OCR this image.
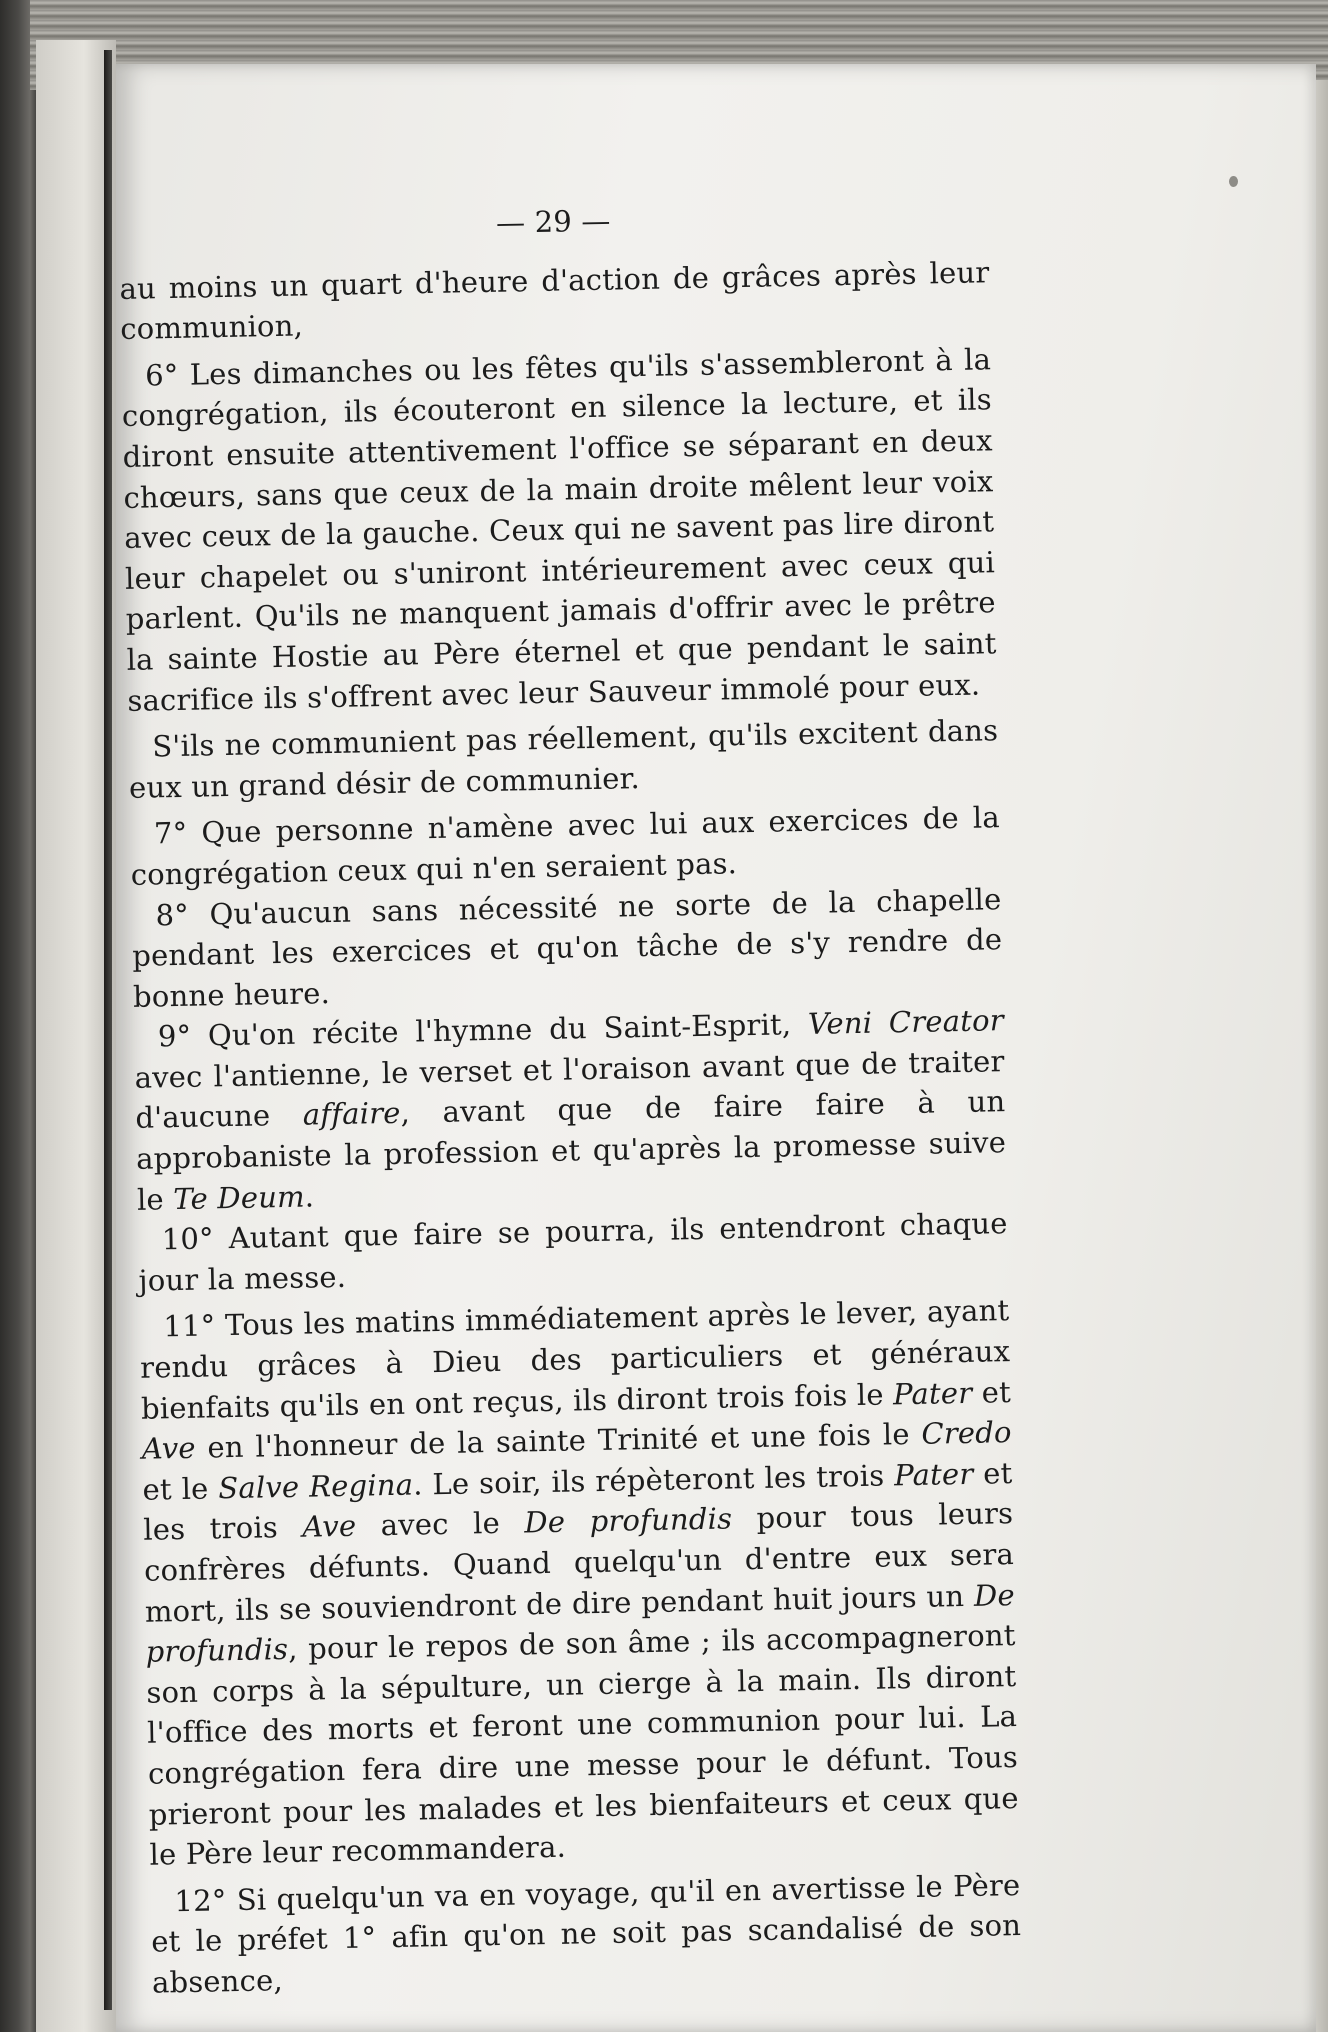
— 29 —

au moins un quart d'heure d'action de grâces après leur communion,

6° Les dimanches ou les fêtes qu'ils s'assembleront à la congrégation, ils écouteront en silence la lecture, et ils diront ensuite attentivement l'office se séparant en deux chœurs, sans que ceux de la main droite mêlent leur voix avec ceux de la gauche. Ceux qui ne savent pas lire diront leur chapelet ou s'uniront intérieurement avec ceux qui parlent. Qu'ils ne manquent jamais d'offrir avec le prêtre la sainte Hostie au Père éternel et que pendant le saint sacrifice ils s'offrent avec leur Sauveur immolé pour eux.

S'ils ne communient pas réellement, qu'ils excitent dans eux un grand désir de communier.

7° Que personne n'amène avec lui aux exercices de la congrégation ceux qui n'en seraient pas.

8° Qu'aucun sans nécessité ne sorte de la chapelle pendant les exercices et qu'on tâche de s'y rendre de bonne heure.

9° Qu'on récite l'hymne du Saint-Esprit, Veni Creator avec l'antienne, le verset et l'oraison avant que de traiter d'aucune affaire, avant que de faire faire à un approbaniste la profession et qu'après la promesse suive le Te Deum.

10° Autant que faire se pourra, ils entendront chaque jour la messe.

11° Tous les matins immédiatement après le lever, ayant rendu grâces à Dieu des particuliers et généraux bienfaits qu'ils en ont reçus, ils diront trois fois le Pater et Ave en l'honneur de la sainte Trinité et une fois le Credo et le Salve Regina. Le soir, ils répèteront les trois Pater et les trois Ave avec le De profundis pour tous leurs confrères défunts. Quand quelqu'un d'entre eux sera mort, ils se souviendront de dire pendant huit jours un De profundis, pour le repos de son âme ; ils accompagneront son corps à la sépulture, un cierge à la main. Ils diront l'office des morts et feront une communion pour lui. La congrégation fera dire une messe pour le défunt. Tous prieront pour les malades et les bienfaiteurs et ceux que le Père leur recommandera.

12° Si quelqu'un va en voyage, qu'il en avertisse le Père et le préfet 1° afin qu'on ne soit pas scandalisé de son absence,
